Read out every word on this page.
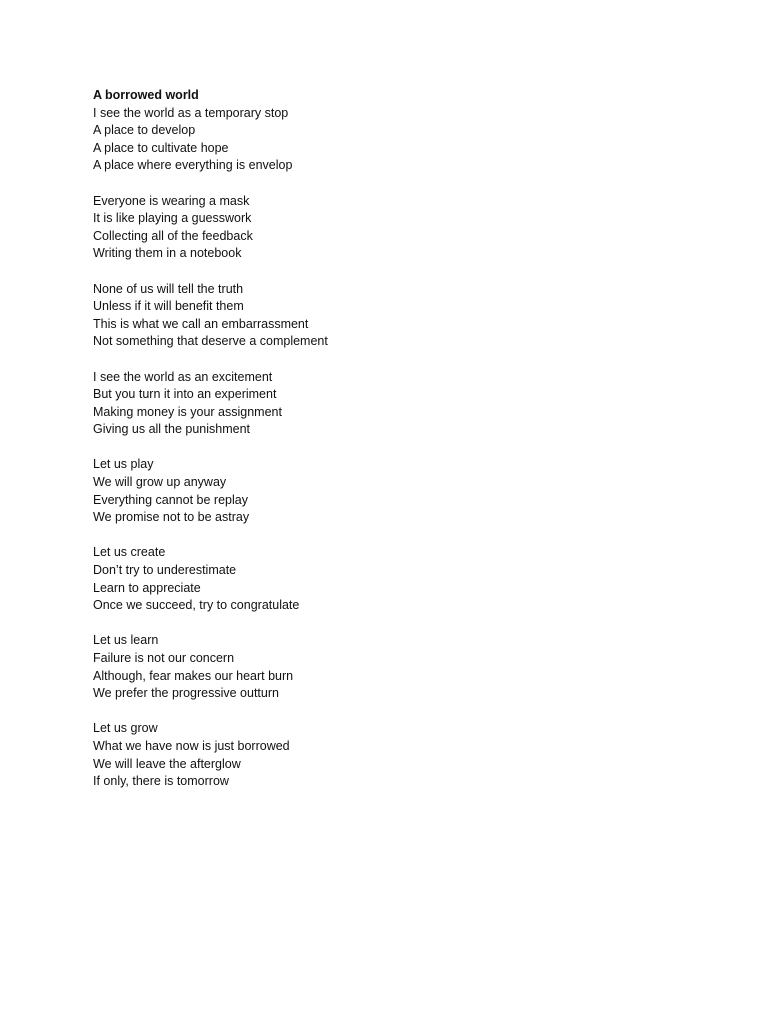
A borrowed world
I see the world as a temporary stop
A place to develop
A place to cultivate hope
A place where everything is envelop
Everyone is wearing a mask
It is like playing a guesswork
Collecting all of the feedback
Writing them in a notebook
None of us will tell the truth
Unless if it will benefit them
This is what we call an embarrassment
Not something that deserve a complement
I see the world as an excitement
But you turn it into an experiment
Making money is your assignment
Giving us all the punishment
Let us play
We will grow up anyway
Everything cannot be replay
We promise not to be astray
Let us create
Don’t try to underestimate
Learn to appreciate
Once we succeed, try to congratulate
Let us learn
Failure is not our concern
Although, fear makes our heart burn
We prefer the progressive outturn
Let us grow
What we have now is just borrowed
We will leave the afterglow
If only, there is tomorrow
